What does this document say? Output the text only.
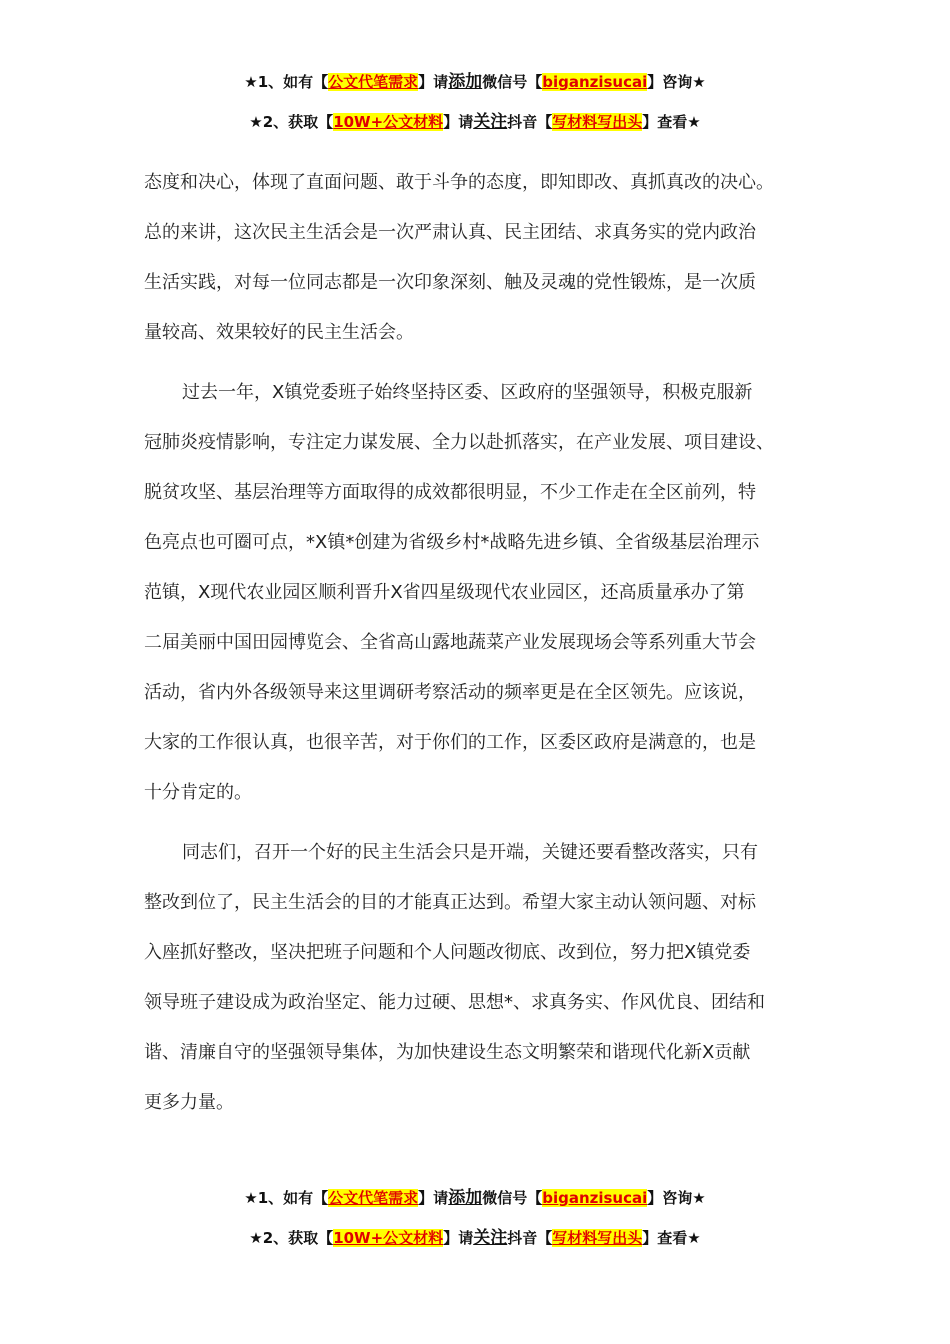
★1、如有【公文代笔需求】请添加微信号【biganzisucai】咨询★
★2、获取【10W+公文材料】请关注抖音【写材料写出头】查看★

态度和决心，体现了直面问题、敢于斗争的态度，即知即改、真抓真改的决心。

总的来讲，这次民主生活会是一次严肃认真、民主团结、求真务实的党内政治

生活实践，对每一位同志都是一次印象深刻、触及灵魂的党性锻炼，是一次质

量较高、效果较好的民主生活会。

过去一年，X镇党委班子始终坚持区委、区政府的坚强领导，积极克服新

冠肺炎疫情影响，专注定力谋发展、全力以赴抓落实，在产业发展、项目建设、

脱贫攻坚、基层治理等方面取得的成效都很明显，不少工作走在全区前列，特

色亮点也可圈可点，*X镇*创建为省级乡村*战略先进乡镇、全省级基层治理示

范镇，X现代农业园区顺利晋升X省四星级现代农业园区，还高质量承办了第

二届美丽中国田园博览会、全省高山露地蔬菜产业发展现场会等系列重大节会

活动，省内外各级领导来这里调研考察活动的频率更是在全区领先。应该说，

大家的工作很认真，也很辛苦，对于你们的工作，区委区政府是满意的，也是

十分肯定的。

同志们，召开一个好的民主生活会只是开端，关键还要看整改落实，只有

整改到位了，民主生活会的目的才能真正达到。希望大家主动认领问题、对标

入座抓好整改，坚决把班子问题和个人问题改彻底、改到位，努力把X镇党委

领导班子建设成为政治坚定、能力过硬、思想*、求真务实、作风优良、团结和

谐、清廉自守的坚强领导集体，为加快建设生态文明繁荣和谐现代化新X贡献

更多力量。

★1、如有【公文代笔需求】请添加微信号【biganzisucai】咨询★
★2、获取【10W+公文材料】请关注抖音【写材料写出头】查看★
